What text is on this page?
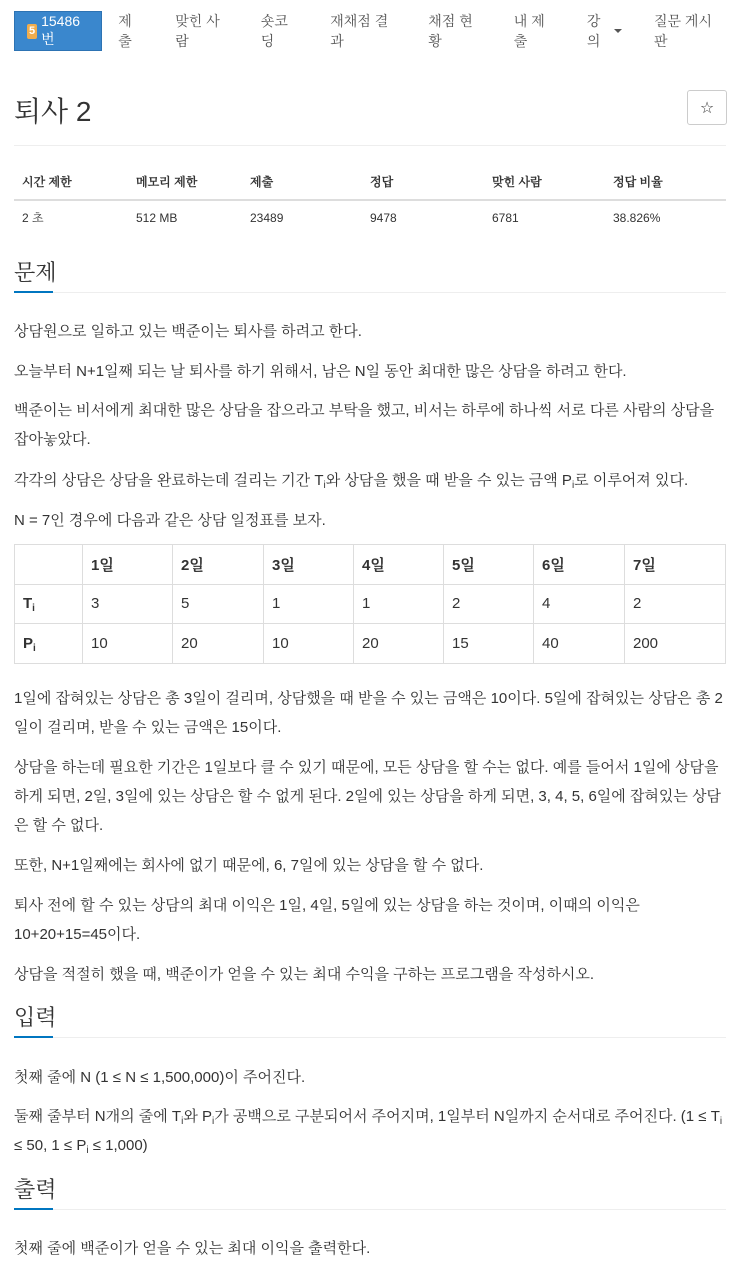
5
15486번
제출
맞힌 사람
숏코딩
재채점 결과
채점 현황
내 제출
강의
질문 게시판
퇴사 2	☆
시간 제한	메모리 제한	제출	정답	맞힌 사람	정답 비율
2 초	512 MB	23489	9478	6781	38.826%
문제
상담원으로 일하고 있는 백준이는 퇴사를 하려고 한다.
오늘부터 N+1일째 되는 날 퇴사를 하기 위해서, 남은 N일 동안 최대한 많은 상담을 하려고 한다.
백준이는 비서에게 최대한 많은 상담을 잡으라고 부탁을 했고, 비서는 하루에 하나씩 서로 다른 사람의 상담을 잡아놓았다.
각각의 상담은 상담을 완료하는데 걸리는 기간 $T_i$와 상담을 했을 때 받을 수 있는 금액 $P_i$로 이루어져 있다.
N = 7인 경우에 다음과 같은 상담 일정표를 보자.
	1일	2일	3일	4일	5일	6일	7일
$T_i$	3	5	1	1	2	4	2
$P_i$	10	20	10	20	15	40	200
1일에 잡혀있는 상담은 총 3일이 걸리며, 상담했을 때 받을 수 있는 금액은 10이다. 5일에 잡혀있는 상담은 총 2일이 걸리며, 받을 수 있는 금액은 15이다.
상담을 하는데 필요한 기간은 1일보다 클 수 있기 때문에, 모든 상담을 할 수는 없다. 예를 들어서 1일에 상담을 하게 되면, 2일, 3일에 있는 상담은 할 수 없게 된다. 2일에 있는 상담을 하게 되면, 3, 4, 5, 6일에 잡혀있는 상담은 할 수 없다.
또한, N+1일째에는 회사에 없기 때문에, 6, 7일에 있는 상담을 할 수 없다.
퇴사 전에 할 수 있는 상담의 최대 이익은 1일, 4일, 5일에 있는 상담을 하는 것이며, 이때의 이익은 10+20+15=45이다.
상담을 적절히 했을 때, 백준이가 얻을 수 있는 최대 수익을 구하는 프로그램을 작성하시오.
입력
첫째 줄에 N (1 ≤ N ≤ 1,500,000)이 주어진다.
둘째 줄부터 N개의 줄에 $T_i$와 $P_i$가 공백으로 구분되어서 주어지며, 1일부터 N일까지 순서대로 주어진다. ($1 \le T_i \le 50$, $1 \le P_i \le 1,000$)
출력
첫째 줄에 백준이가 얻을 수 있는 최대 이익을 출력한다.
